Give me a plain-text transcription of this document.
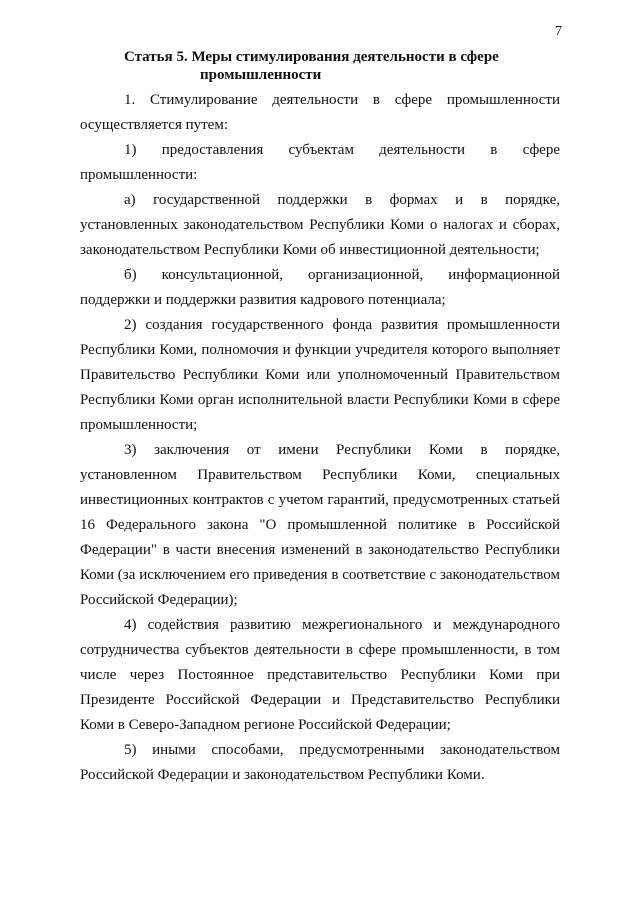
7
Статья 5. Меры стимулирования деятельности в сфере
промышленности

1. Стимулирование деятельности в сфере промышленности осуществляется путем:

1) предоставления субъектам деятельности в сфере промышленности:

а) государственной поддержки в формах и в порядке, установленных законодательством Республики Коми о налогах и сборах, законодательством Республики Коми об инвестиционной деятельности;

б) консультационной, организационной, информационной поддержки и поддержки развития кадрового потенциала;

2) создания государственного фонда развития промышленности Республики Коми, полномочия и функции учредителя которого выполняет Правительство Республики Коми или уполномоченный Правительством Республики Коми орган исполнительной власти Республики Коми в сфере промышленности;

3) заключения от имени Республики Коми в порядке, установленном Правительством Республики Коми, специальных инвестиционных контрактов с учетом гарантий, предусмотренных статьей 16 Федерального закона "О промышленной политике в Российской Федерации" в части внесения изменений в законодательство Республики Коми (за исключением его приведения в соответствие с законодательством Российской Федерации);

4) содействия развитию межрегионального и международного сотрудничества субъектов деятельности в сфере промышленности, в том числе через Постоянное представительство Республики Коми при Президенте Российской Федерации и Представительство Республики Коми в Северо-Западном регионе Российской Федерации;

5) иными способами, предусмотренными законодательством Российской Федерации и законодательством Республики Коми.
